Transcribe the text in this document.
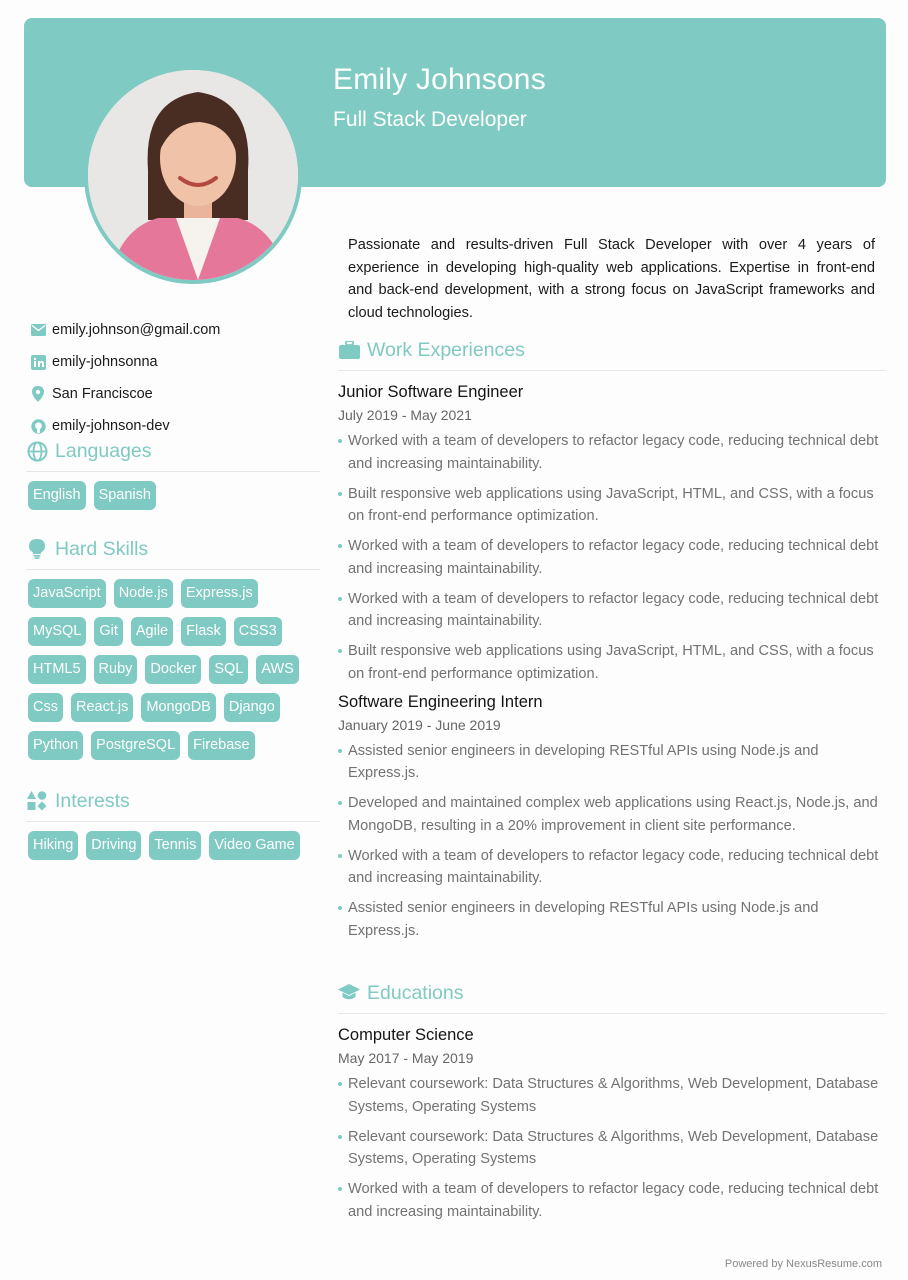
Emily Johnsons
Full Stack Developer
Passionate and results-driven Full Stack Developer with over 4 years of experience in developing high-quality web applications. Expertise in front-end and back-end development, with a strong focus on JavaScript frameworks and cloud technologies.
emily.johnson@gmail.com
emily-johnsonna
San Franciscoe
emily-johnson-dev
Languages
English	Spanish
Hard Skills
JavaScript	Node.js	Express.js
MySQL	Git	Agile	Flask	CSS3
HTML5	Ruby	Docker	SQL	AWS
Css	React.js	MongoDB	Django
Python	PostgreSQL	Firebase
Interests
Hiking	Driving	Tennis	Video Game
Work Experiences
Junior Software Engineer
July 2019 - May 2021
Worked with a team of developers to refactor legacy code, reducing technical debt and increasing maintainability.
Built responsive web applications using JavaScript, HTML, and CSS, with a focus on front-end performance optimization.
Worked with a team of developers to refactor legacy code, reducing technical debt and increasing maintainability.
Worked with a team of developers to refactor legacy code, reducing technical debt and increasing maintainability.
Built responsive web applications using JavaScript, HTML, and CSS, with a focus on front-end performance optimization.
Software Engineering Intern
January 2019 - June 2019
Assisted senior engineers in developing RESTful APIs using Node.js and Express.js.
Developed and maintained complex web applications using React.js, Node.js, and MongoDB, resulting in a 20% improvement in client site performance.
Worked with a team of developers to refactor legacy code, reducing technical debt and increasing maintainability.
Assisted senior engineers in developing RESTful APIs using Node.js and Express.js.
Educations
Computer Science
May 2017 - May 2019
Relevant coursework: Data Structures & Algorithms, Web Development, Database Systems, Operating Systems
Relevant coursework: Data Structures & Algorithms, Web Development, Database Systems, Operating Systems
Worked with a team of developers to refactor legacy code, reducing technical debt and increasing maintainability.
Powered by NexusResume.com
